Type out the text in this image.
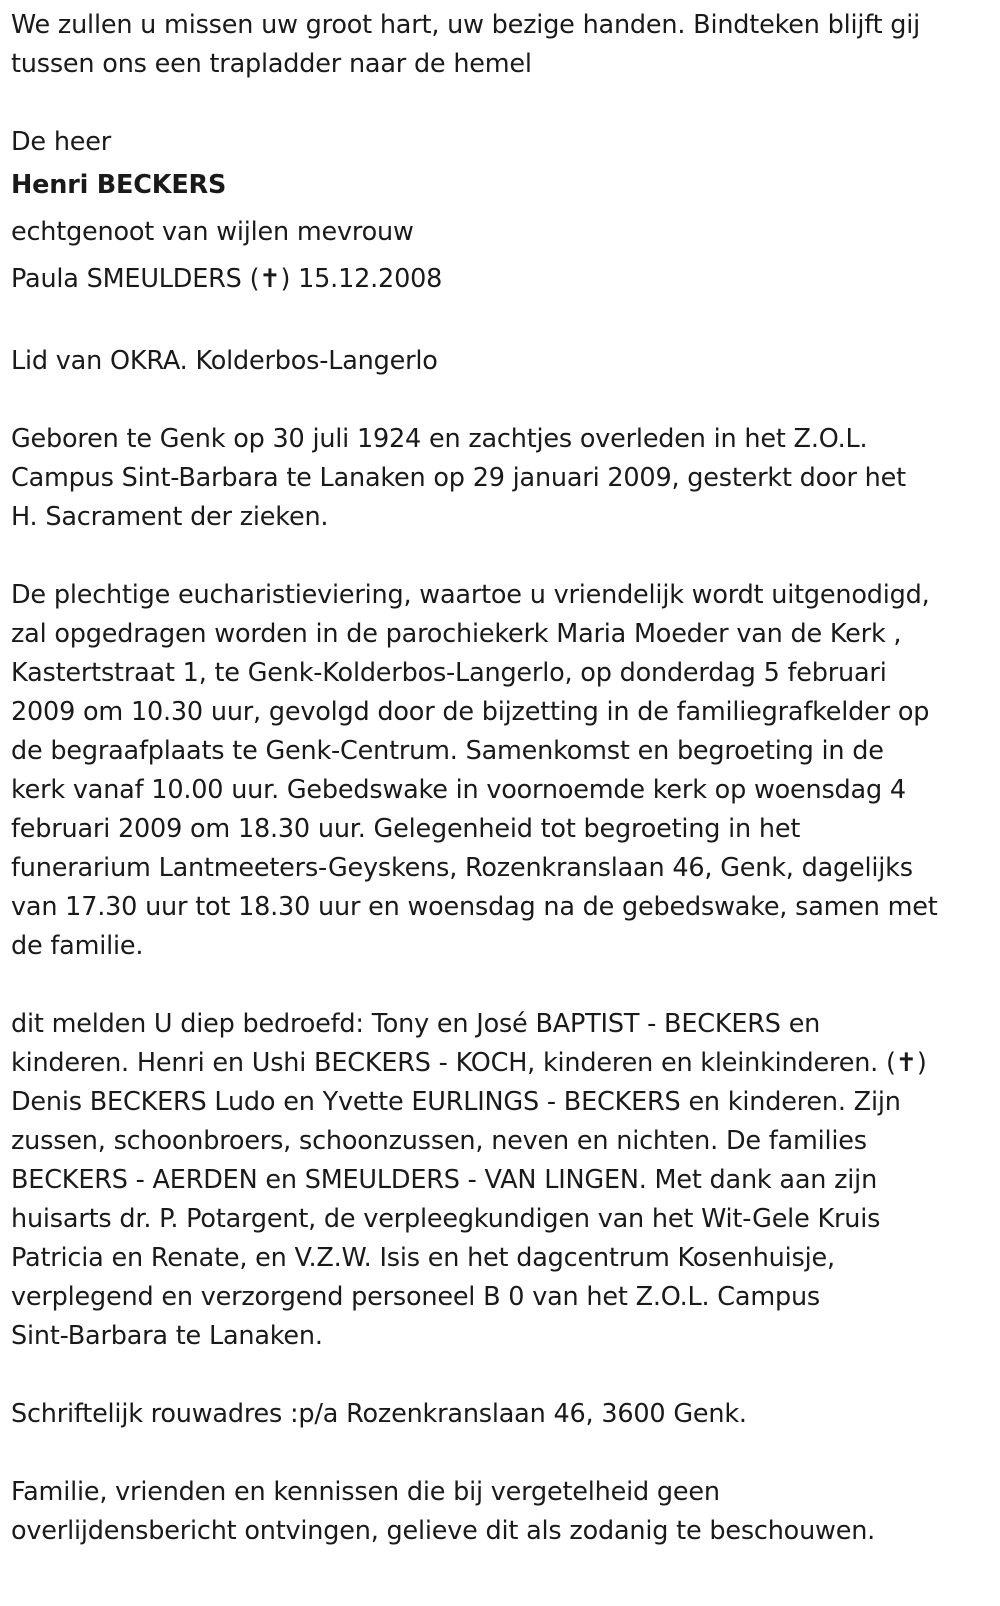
We zullen u missen uw groot hart, uw bezige handen. Bindteken blijft gij

tussen ons een trapladder naar de hemel

De heer

Henri BECKERS

echtgenoot van wijlen mevrouw

Paula SMEULDERS (✝) 15.12.2008

Lid van OKRA. Kolderbos-Langerlo

Geboren te Genk op 30 juli 1924 en zachtjes overleden in het Z.O.L.

Campus Sint-Barbara te Lanaken op 29 januari 2009, gesterkt door het

H. Sacrament der zieken.

De plechtige eucharistieviering, waartoe u vriendelijk wordt uitgenodigd,

zal opgedragen worden in de parochiekerk Maria Moeder van de Kerk ,

Kastertstraat 1, te Genk-Kolderbos-Langerlo, op donderdag 5 februari

2009 om 10.30 uur, gevolgd door de bijzetting in de familiegrafkelder op

de begraafplaats te Genk-Centrum. Samenkomst en begroeting in de

kerk vanaf 10.00 uur. Gebedswake in voornoemde kerk op woensdag 4

februari 2009 om 18.30 uur. Gelegenheid tot begroeting in het

funerarium Lantmeeters-Geyskens, Rozenkranslaan 46, Genk, dagelijks

van 17.30 uur tot 18.30 uur en woensdag na de gebedswake, samen met

de familie.

dit melden U diep bedroefd: Tony en José BAPTIST - BECKERS en

kinderen. Henri en Ushi BECKERS - KOCH, kinderen en kleinkinderen. (✝)

Denis BECKERS Ludo en Yvette EURLINGS - BECKERS en kinderen. Zijn

zussen, schoonbroers, schoonzussen, neven en nichten. De families

BECKERS - AERDEN en SMEULDERS - VAN LINGEN. Met dank aan zijn

huisarts dr. P. Potargent, de verpleegkundigen van het Wit-Gele Kruis

Patricia en Renate, en V.Z.W. Isis en het dagcentrum Kosenhuisje,

verplegend en verzorgend personeel B 0 van het Z.O.L. Campus

Sint-Barbara te Lanaken.

Schriftelijk rouwadres :p/a Rozenkranslaan 46, 3600 Genk.

Familie, vrienden en kennissen die bij vergetelheid geen

overlijdensbericht ontvingen, gelieve dit als zodanig te beschouwen.
